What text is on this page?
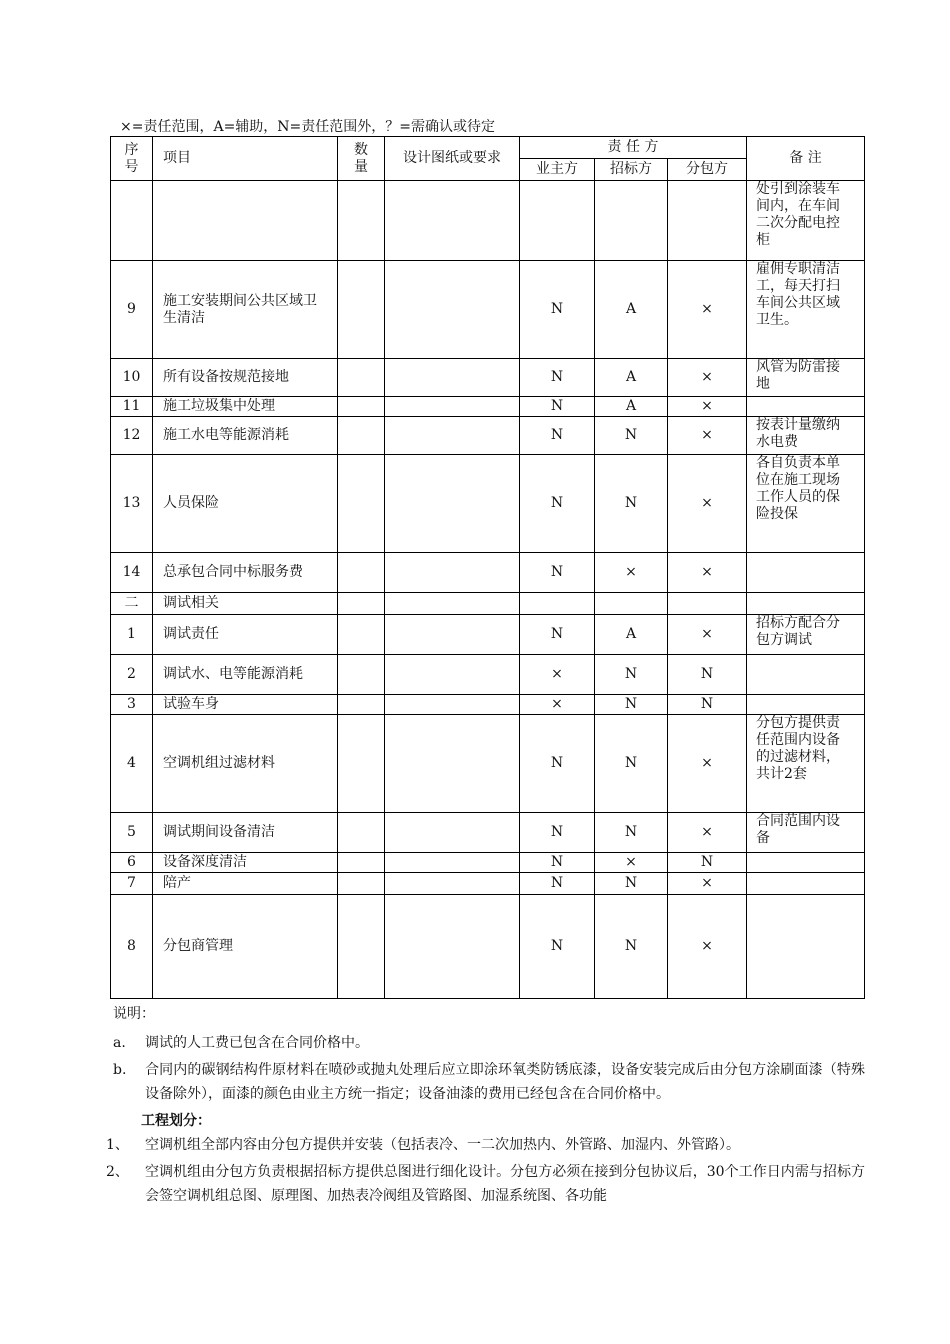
×=责任范围，A=辅助，N=责任范围外，？=需确认或待定
序号	项目	数量	设计图纸或要求	责 任 方			备 注
				业主方	招标方	分包方	
							处引到涂装车间内，在车间二次分配电控柜
9	施工安装期间公共区域卫生清洁			N	A	×	雇佣专职清洁工，每天打扫车间公共区域卫生。
10	所有设备按规范接地			N	A	×	风管为防雷接地
11	施工垃圾集中处理			N	A	×	
12	施工水电等能源消耗			N	N	×	按表计量缴纳水电费
13	人员保险			N	N	×	各自负责本单位在施工现场工作人员的保险投保
14	总承包合同中标服务费			N	×	×	
二	调试相关						
1	调试责任			N	A	×	招标方配合分包方调试
2	调试水、电等能源消耗			×	N	N	
3	试验车身			×	N	N	
4	空调机组过滤材料			N	N	×	分包方提供责任范围内设备的过滤材料，共计2套
5	调试期间设备清洁			N	N	×	合同范围内设备
6	设备深度清洁			N	×	N	
7	陪产			N	N	×	
8	分包商管理			N	N	×	
说明：
a. 调试的人工费已包含在合同价格中。
b. 合同内的碳钢结构件原材料在喷砂或抛丸处理后应立即涂环氧类防锈底漆，设备安装完成后由分包方涂刷面漆（特殊设备除外），面漆的颜色由业主方统一指定；设备油漆的费用已经包含在合同价格中。
工程划分：
1、 空调机组全部内容由分包方提供并安装（包括表冷、一二次加热内、外管路、加湿内、外管路）。
2、 空调机组由分包方负责根据招标方提供总图进行细化设计。分包方必须在接到分包协议后，30个工作日内需与招标方会签空调机组总图、原理图、加热表冷阀组及管路图、加湿系统图、各功能
